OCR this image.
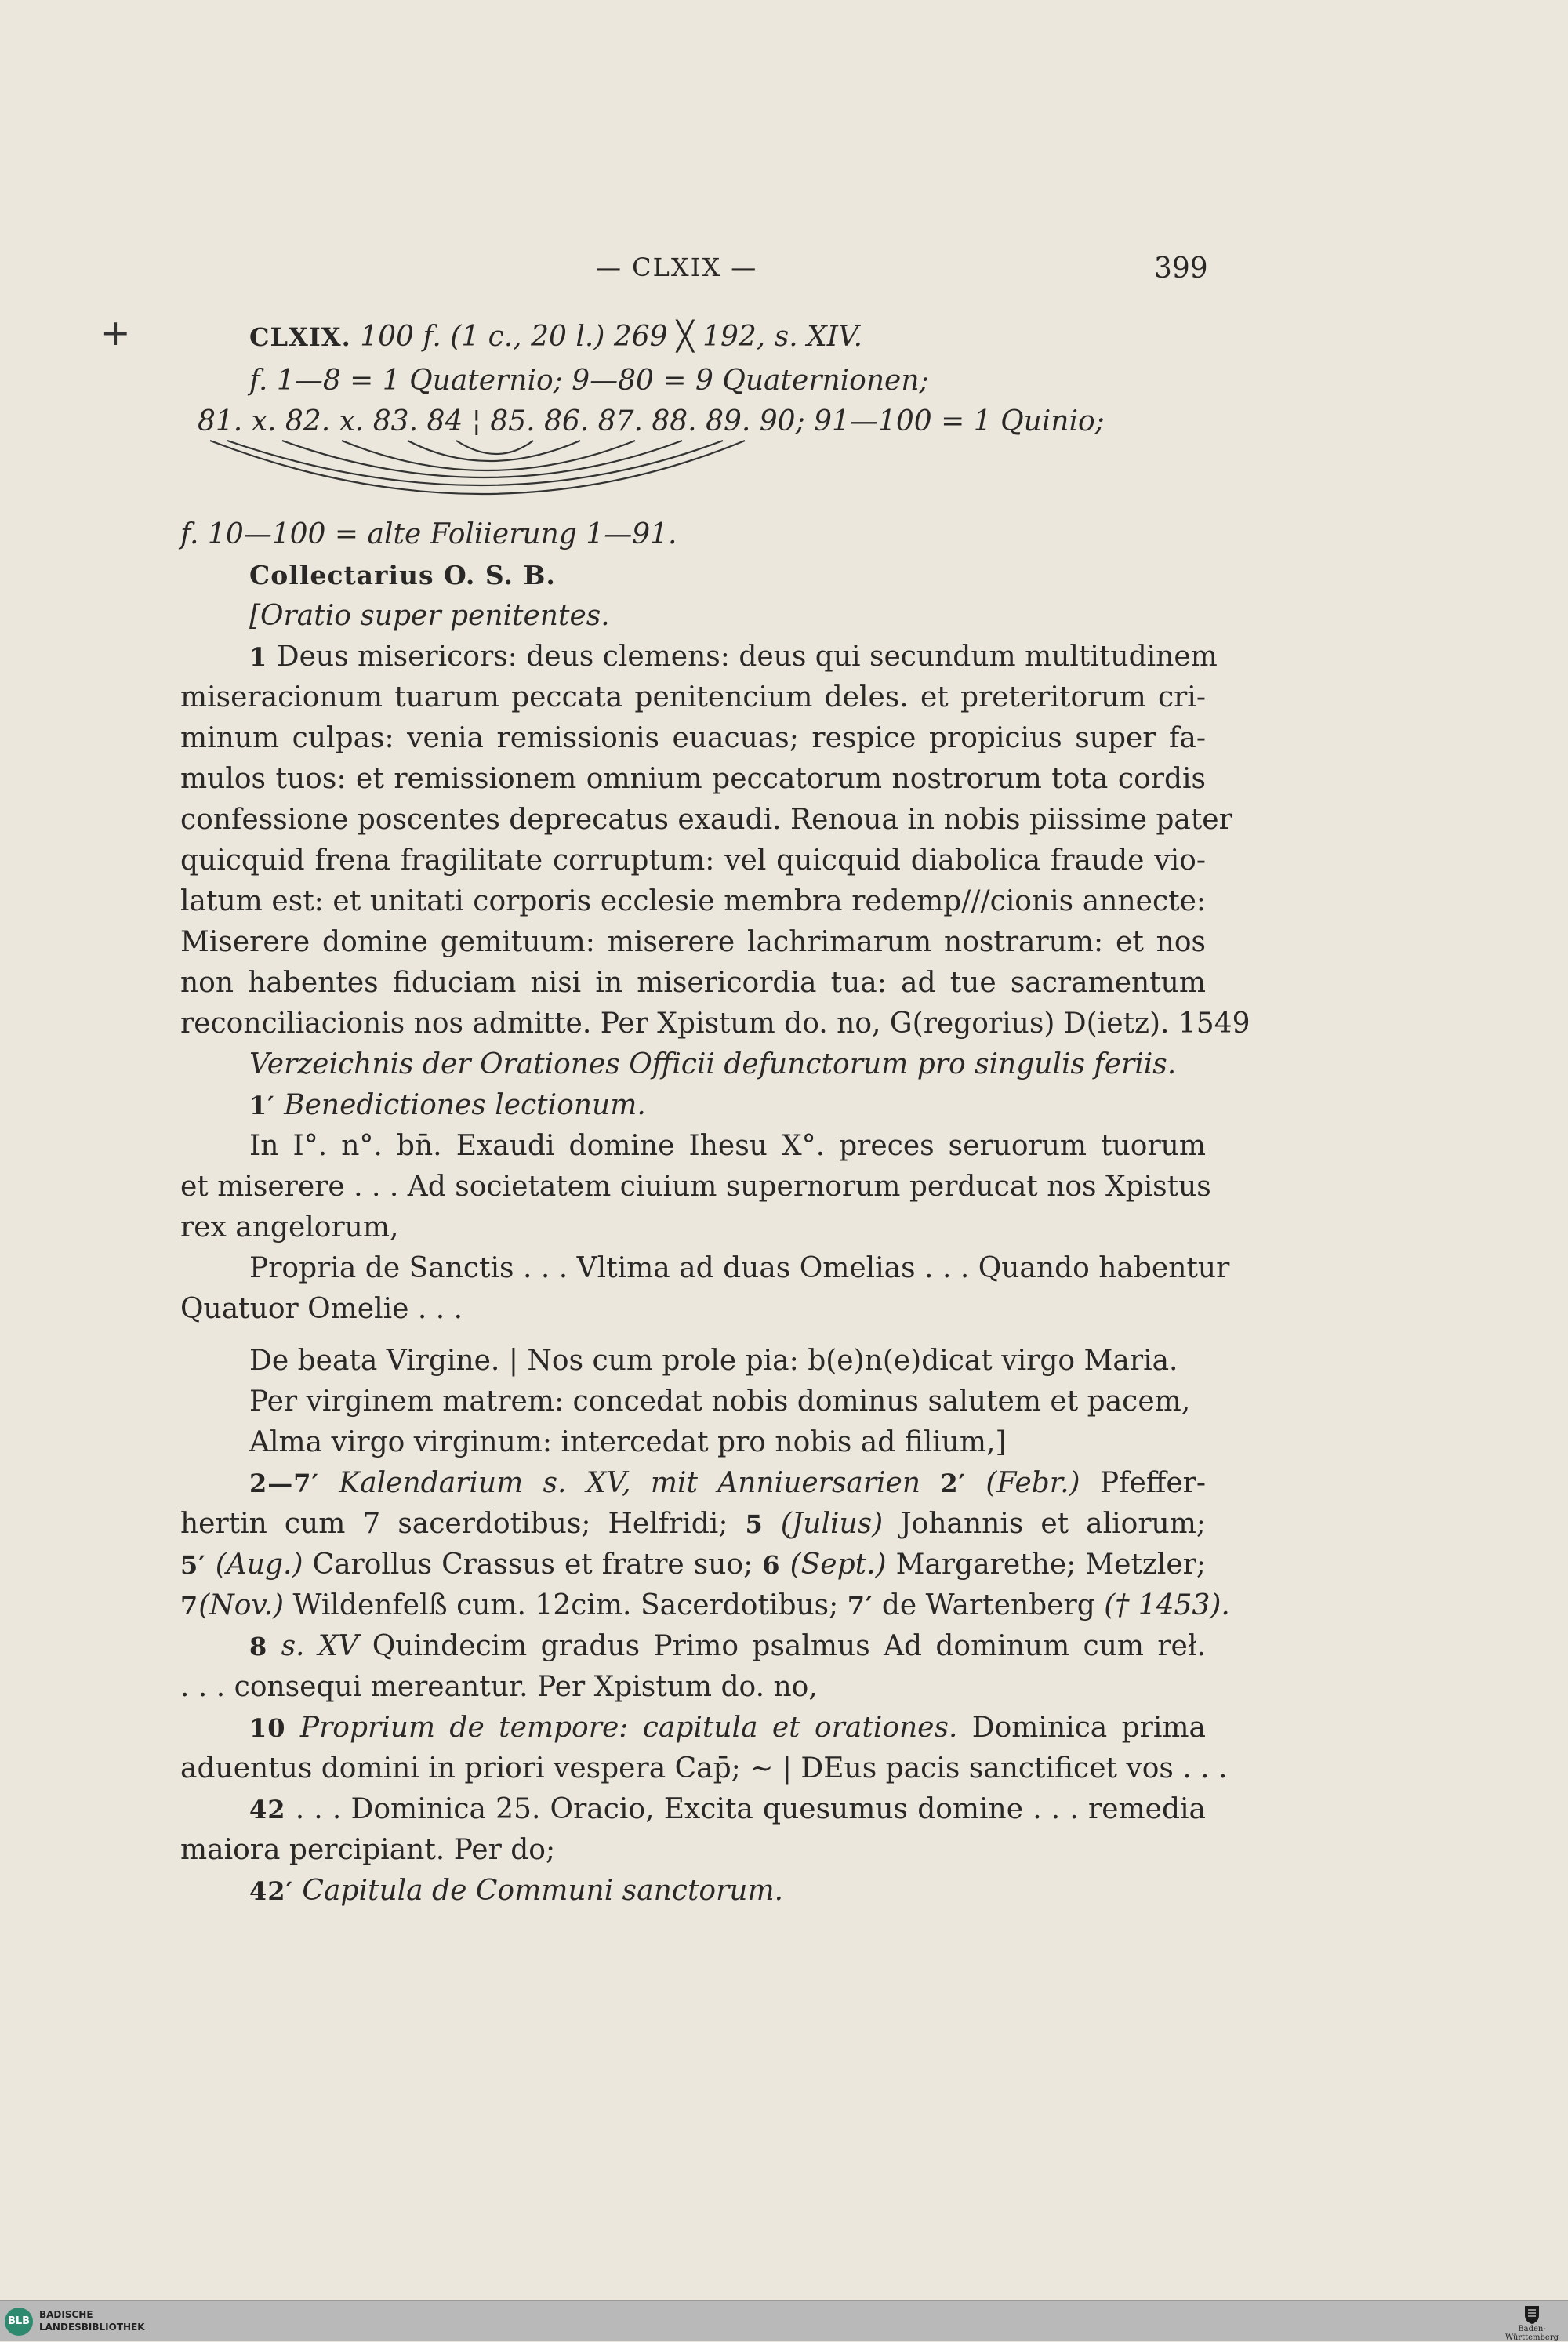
— CLXIX —	399
+	CLXIX. 100 f. (1 c., 20 l.) 269 ╳ 192, s. XIV.
f. 1—8 = 1 Quaternio; 9—80 = 9 Quaternionen;
81. x. 82. x. 83. 84 ¦ 85. 86. 87. 88. 89. 90; 91—100 = 1 Quinio;
f. 10—100 = alte Foliierung 1—91.
Collectarius O. S. B.
[Oratio super penitentes.
1 Deus misericors: deus clemens: deus qui secundum multitudinem
miseracionum tuarum peccata penitencium deles. et preteritorum cri-
minum culpas: venia remissionis euacuas; respice propicius super fa-
mulos tuos: et remissionem omnium peccatorum nostrorum tota cordis
confessione poscentes deprecatus exaudi. Renoua in nobis piissime pater
quicquid frena fragilitate corruptum: vel quicquid diabolica fraude vio-
latum est: et unitati corporis ecclesie membra redemp///cionis annecte:
Miserere domine gemituum: miserere lachrimarum nostrarum: et nos
non habentes fiduciam nisi in misericordia tua: ad tue sacramentum
reconciliacionis nos admitte. Per Xpistum do. no, G(regorius) D(ietz). 1549
Verzeichnis der Orationes Officii defunctorum pro singulis feriis.
1′ Benedictiones lectionum.
In I°. n°. bn̄. Exaudi domine Ihesu X°. preces seruorum tuorum
et miserere . . . Ad societatem ciuium supernorum perducat nos Xpistus
rex angelorum,
Propria de Sanctis . . . Vltima ad duas Omelias . . . Quando habentur
Quatuor Omelie . . .
De beata Virgine. | Nos cum prole pia: b(e)n(e)dicat virgo Maria.
Per virginem matrem: concedat nobis dominus salutem et pacem,
Alma virgo virginum: intercedat pro nobis ad filium,]
2—7′ Kalendarium s. XV, mit Anniuersarien 2′ (Febr.) Pfeffer-
hertin cum 7 sacerdotibus; Helfridi; 5 (Julius) Johannis et aliorum;
5′ (Aug.) Carollus Crassus et fratre suo; 6 (Sept.) Margarethe; Metzler;
7(Nov.) Wildenfelß cum. 12cim. Sacerdotibus; 7′ de Wartenberg († 1453).
8 s. XV Quindecim gradus Primo psalmus Ad dominum cum reł.
. . . consequi mereantur. Per Xpistum do. no,
10 Proprium de tempore: capitula et orationes. Dominica prima
aduentus domini in priori vespera Cap̄; ∼ | DEus pacis sanctificet vos . . .
42 . . . Dominica 25. Oracio, Excita quesumus domine . . . remedia
maiora percipiant. Per do;
42′ Capitula de Communi sanctorum.
BLB
BADISCHE
LANDESBIBLIOTHEK	Baden-Württemberg
